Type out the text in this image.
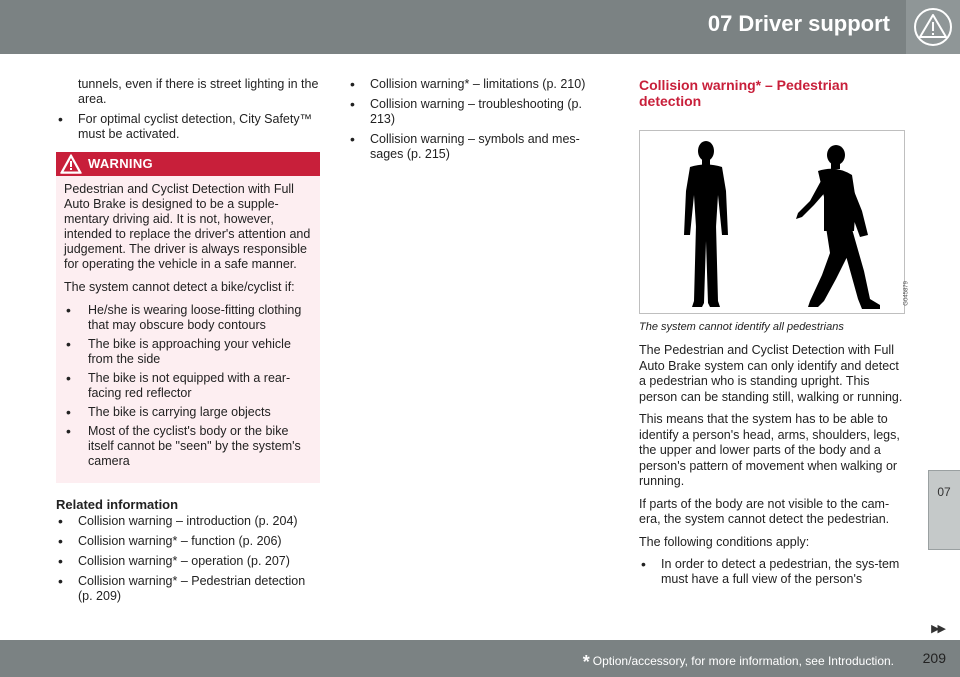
07 Driver support
tunnels, even if there is street lighting in the area.
• For optimal cyclist detection, City Safety™ must be activated.
WARNING

Pedestrian and Cyclist Detection with Full Auto Brake is designed to be a supple-mentary driving aid. It is not, however, intended to replace the driver's attention and judgement. The driver is always responsible for operating the vehicle in a safe manner.

The system cannot detect a bike/cyclist if:

• He/she is wearing loose-fitting clothing that may obscure body contours
• The bike is approaching your vehicle from the side
• The bike is not equipped with a rear-facing red reflector
• The bike is carrying large objects
• Most of the cyclist's body or the bike itself cannot be "seen" by the system's camera
Related information
• Collision warning – introduction (p. 204)
• Collision warning* – function (p. 206)
• Collision warning* – operation (p. 207)
• Collision warning* – Pedestrian detection (p. 209)
• Collision warning* – limitations (p. 210)
• Collision warning – troubleshooting (p. 213)
• Collision warning – symbols and mes-sages (p. 215)
Collision warning* – Pedestrian detection
G045879
The system cannot identify all pedestrians

The Pedestrian and Cyclist Detection with Full Auto Brake system can only identify and detect a pedestrian who is standing upright. This person can be standing still, walking or running.

This means that the system has to be able to identify a person's head, arms, shoulders, legs, the upper and lower parts of the body and a person's pattern of movement when walking or running.

If parts of the body are not visible to the cam-era, the system cannot detect the pedestrian.

The following conditions apply:

• In order to detect a pedestrian, the sys-tem must have a full view of the person's
07
▶▶
* Option/accessory, for more information, see Introduction. 209
